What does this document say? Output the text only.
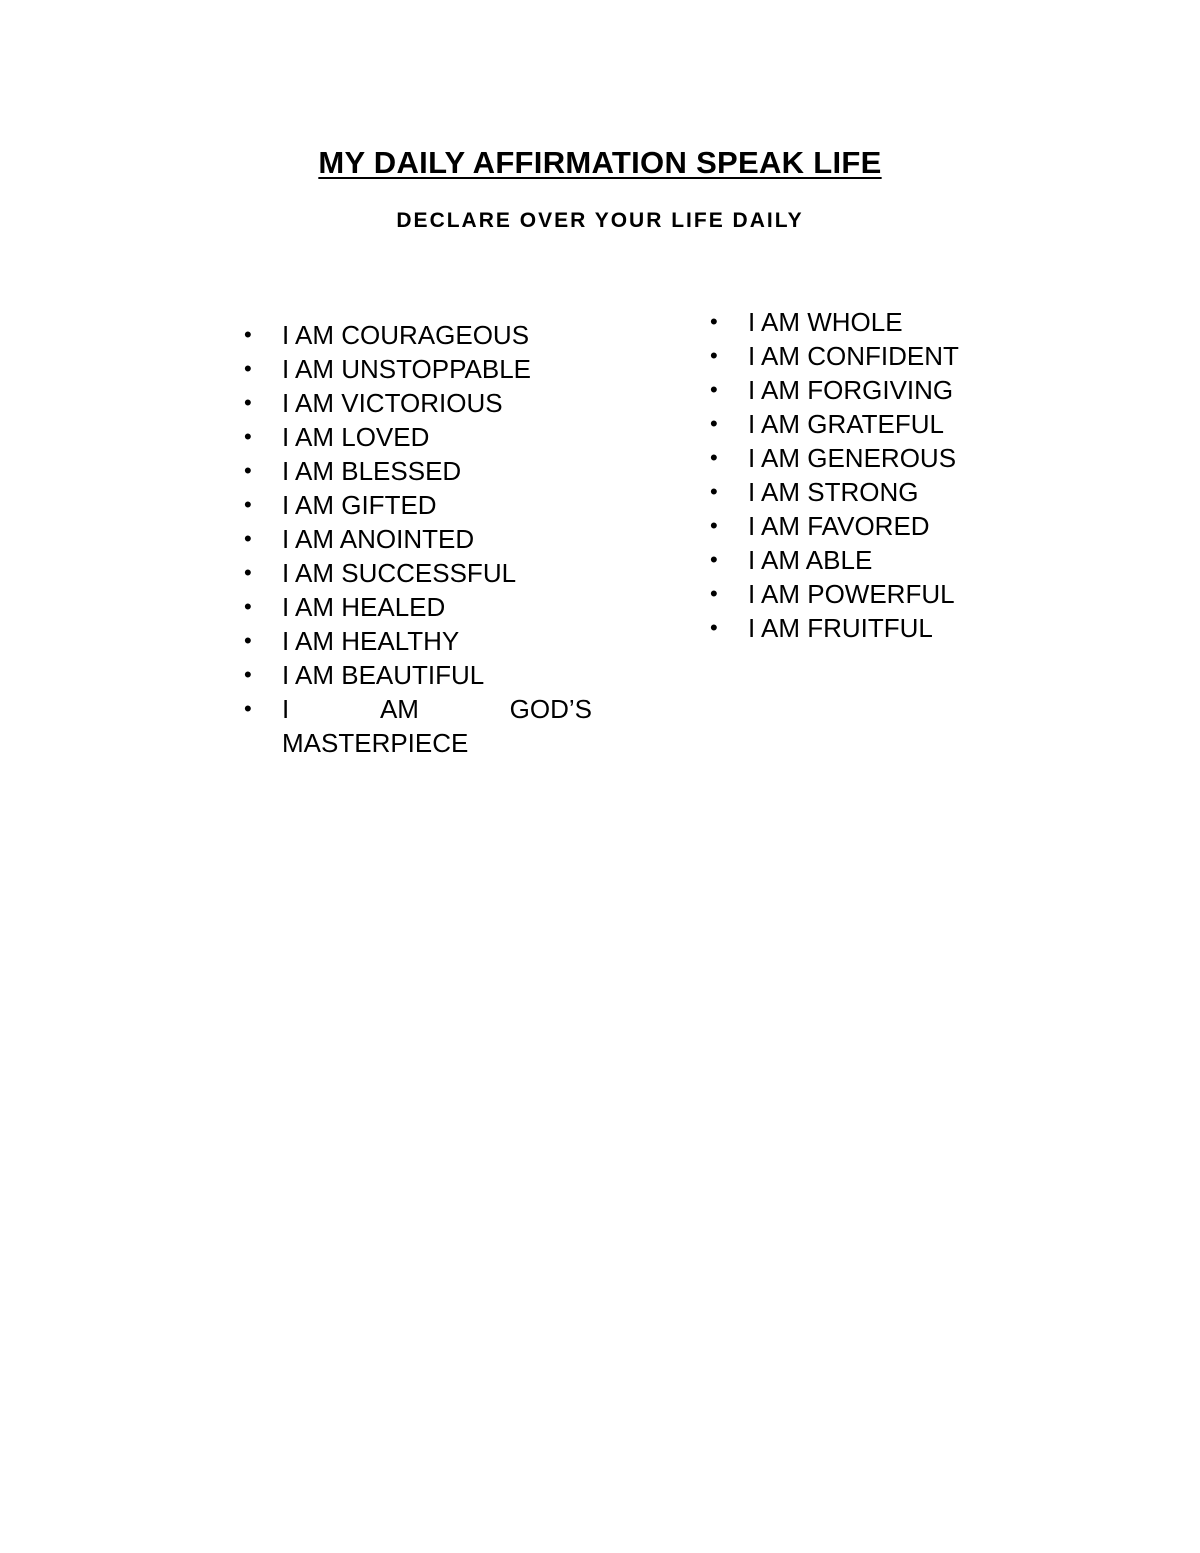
MY DAILY AFFIRMATION SPEAK LIFE
DECLARE OVER YOUR LIFE DAILY
•	I AM COURAGEOUS
•	I AM UNSTOPPABLE
•	I AM VICTORIOUS
•	I AM LOVED
•	I AM BLESSED
•	I AM GIFTED
•	I AM ANOINTED
•	I AM SUCCESSFUL
•	I AM HEALED
•	I AM HEALTHY
•	I AM BEAUTIFUL
•	I	AM	GOD’S
MASTERPIECE
•	I AM WHOLE
•	I AM CONFIDENT
•	I AM FORGIVING
•	I AM GRATEFUL
•	I AM GENEROUS
•	I AM STRONG
•	I AM FAVORED
•	I AM ABLE
•	I AM POWERFUL
•	I AM FRUITFUL
